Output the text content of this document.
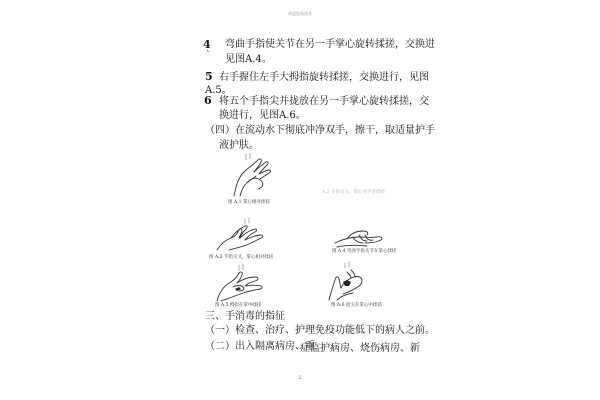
欢迎您阅读并
4 弯曲手指使关节在另一手掌心旋转揉搓，交换进
` 见图A.4。
5 右手握住左手大拇指旋转揉搓，交换进行，见图
A.5。
6 将五个手指尖并拢放在另一手掌心旋转揉搓，交
换进行，见图A.6。
（四）在流动水下彻底冲净双手，擦干，取适量护手
液护肤。
图 A.1 掌心相对揉搓
A.2 手指交叉，掌心对手背揉搓
图 A.3 手指交叉，掌心相对揉搓
图 A.4 弯曲手指关节在掌心揉搓
图 A.5 拇指在掌中揉搓	图 A.6 指尖在掌心中揉搓
三、手消毒的指征
（一）检查、治疗、护理免疫功能低下的病人之前。
（二）出入隔离病房、重
症监护病房、烧伤病房、新
2
